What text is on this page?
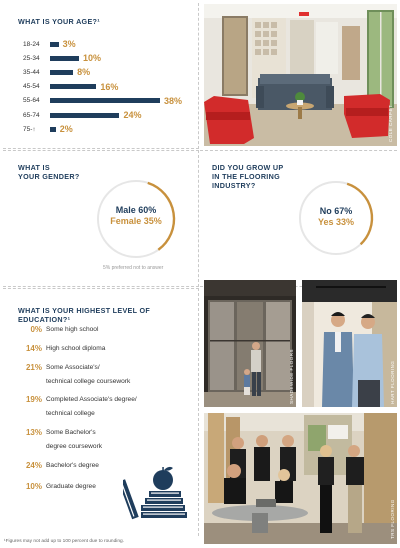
WHAT IS YOUR AGE?¹
18-24	3%
25-34	10%
35-44	8%
45-54	16%
55-64	38%
65-74	24%
75-↑	2%
WHAT IS
YOUR GENDER?
Male 60%
Female 35%
5% preferred not to answer
DID YOU GROW UP
IN THE FLOORING
INDUSTRY?
No 67%
Yes 33%
WHAT IS YOUR HIGHEST LEVEL OF EDUCATION?¹
0% Some high school
14% High school diploma
21% Some Associate's/
technical college coursework
19% Completed Associate's degree/
technical college
13% Some Bachelor's
degree coursework
24% Bachelor's degree
10% Graduate degree
¹Figures may not add up to 100 percent due to rounding.
COLE CARPET
SHADEWIDE FLOORS	HART FLOORING
TRS FLOORING
